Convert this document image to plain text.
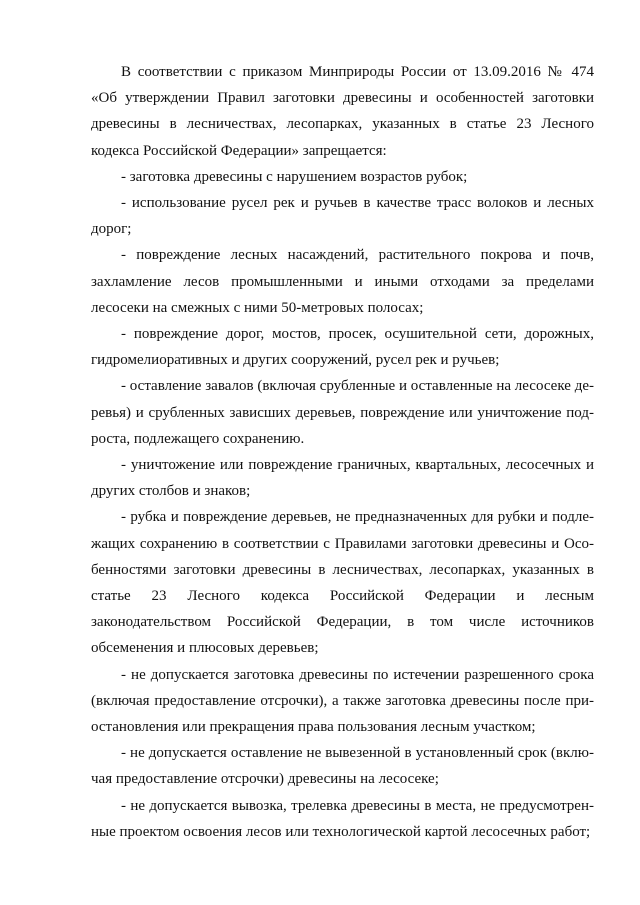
В соответствии с приказом Минприроды России от 13.09.2016 № 474 «Об утверждении Правил заготовки древесины и особенностей заготовки древесины в лесничествах, лесопарках, указанных в статье 23 Лесного кодекса Российской Федерации» запрещается:

- заготовка древесины с нарушением возрастов рубок;

- использование русел рек и ручьев в качестве трасс волоков и лесных дорог;

- повреждение лесных насаждений, растительного покрова и почв, захламление лесов промышленными и иными отходами за пределами лесосеки на смежных с ними 50-метровых полосах;

- повреждение дорог, мостов, просек, осушительной сети, дорожных, гидромелиоративных и других сооружений, русел рек и ручьев;

- оставление завалов (включая срубленные и оставленные на лесосеке деревья) и срубленных зависших деревьев, повреждение или уничтожение подроста, подлежащего сохранению.

- уничтожение или повреждение граничных, квартальных, лесосечных и других столбов и знаков;

- рубка и повреждение деревьев, не предназначенных для рубки и подлежащих сохранению в соответствии с Правилами заготовки древесины и Особенностями заготовки древесины в лесничествах, лесопарках, указанных в статье 23 Лесного кодекса Российской Федерации и лесным законодательством Российской Федерации, в том числе источников обсеменения и плюсовых деревьев;

- не допускается заготовка древесины по истечении разрешенного срока (включая предоставление отсрочки), а также заготовка древесины после приостановления или прекращения права пользования лесным участком;

- не допускается оставление не вывезенной в установленный срок (включая предоставление отсрочки) древесины на лесосеке;

- не допускается вывозка, трелевка древесины в места, не предусмотренные проектом освоения лесов или технологической картой лесосечных работ;
